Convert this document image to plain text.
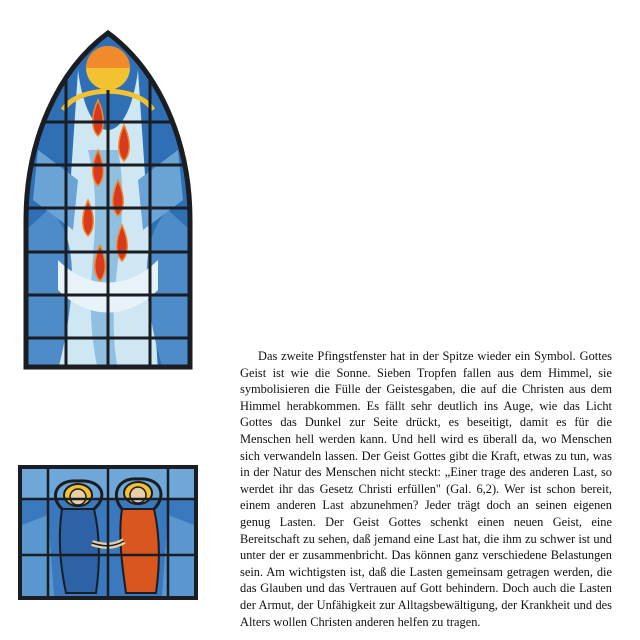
Das zweite Pfingstfenster hat in der Spitze wieder ein Symbol. Gottes Geist ist wie die Sonne. Sieben Tropfen fallen aus dem Himmel, sie symbolisieren die Fülle der Geistesgaben, die auf die Christen aus dem Himmel herabkommen. Es fällt sehr deutlich ins Auge, wie das Licht Gottes das Dunkel zur Seite drückt, es beseitigt, damit es für die Menschen hell werden kann. Und hell wird es überall da, wo Menschen sich verwandeln lassen. Der Geist Gottes gibt die Kraft, etwas zu tun, was in der Natur des Menschen nicht steckt: „Einer trage des anderen Last, so werdet ihr das Gesetz Christi erfüllen" (Gal. 6,2). Wer ist schon bereit, einem anderen Last abzunehmen? Jeder trägt doch an seinen eigenen genug Lasten. Der Geist Gottes schenkt einen neuen Geist, eine Bereitschaft zu sehen, daß jemand eine Last hat, die ihm zu schwer ist und unter der er zusammenbricht. Das können ganz verschiedene Belastungen sein. Am wichtigsten ist, daß die Lasten gemeinsam getragen werden, die das Glauben und das Vertrauen auf Gott behindern. Doch auch die Lasten der Armut, der Unfähigkeit zur Alltagsbewältigung, der Krankheit und des Alters wollen Christen anderen helfen zu tragen.
